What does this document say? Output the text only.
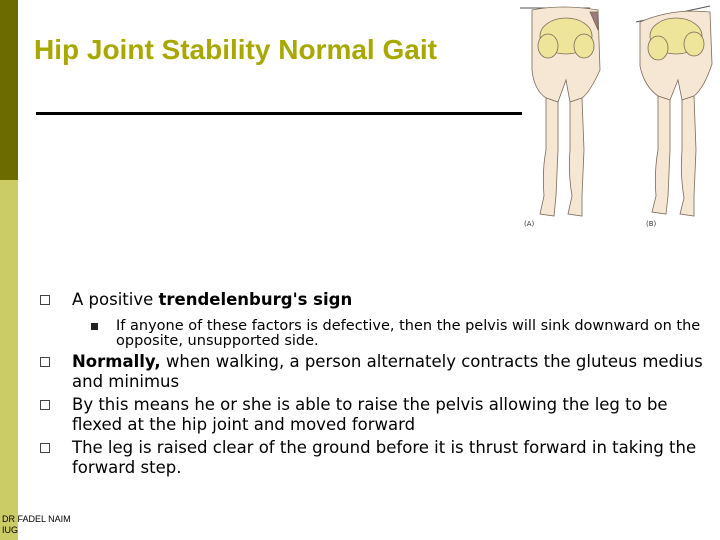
Hip Joint Stability Normal Gait
(A)	(B)
A positive trendelenburg's sign
If anyone of these factors is defective, then the pelvis will sink downward on the opposite, unsupported side.
Normally, when walking, a person alternately contracts the gluteus medius and minimus
By this means he or she is able to raise the pelvis allowing the leg to be flexed at the hip joint and moved forward
The leg is raised clear of the ground before it is thrust forward in taking the forward step.
DR FADEL NAIM
IUG
